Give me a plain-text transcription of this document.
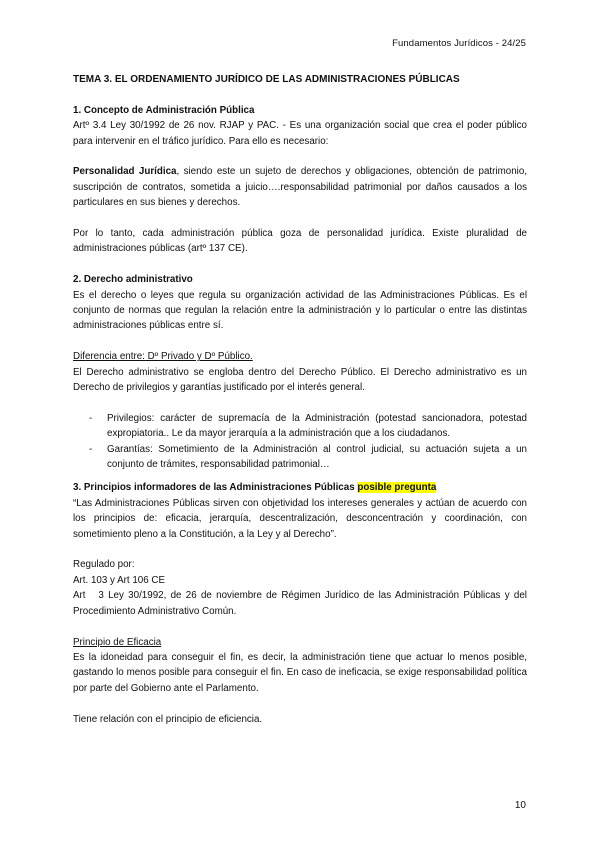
Fundamentos Jurídicos - 24/25

TEMA 3. EL ORDENAMIENTO JURÍDICO DE LAS ADMINISTRACIONES PÚBLICAS

1. Concepto de Administración Pública

Artº 3.4 Ley 30/1992 de 26 nov. RJAP y PAC. - Es una organización social que crea el poder público para intervenir en el tráfico jurídico. Para ello es necesario:

Personalidad Jurídica, siendo este un sujeto de derechos y obligaciones, obtención de patrimonio, suscripción de contratos, sometida a juicio….responsabilidad patrimonial por daños causados a los particulares en sus bienes y derechos.

Por lo tanto, cada administración pública goza de personalidad jurídica. Existe pluralidad de administraciones públicas (artº 137 CE).

2. Derecho administrativo

Es el derecho o leyes que regula su organización actividad de las Administraciones Públicas. Es el conjunto de normas que regulan la relación entre la administración y lo particular o entre las distintas administraciones públicas entre sí.

Diferencia entre: Dº Privado y Dº Público.

El Derecho administrativo se engloba dentro del Derecho Público. El Derecho administrativo es un Derecho de privilegios y garantías justificado por el interés general.

- Privilegios: carácter de supremacía de la Administración (potestad sancionadora, potestad expropiatoria.. Le da mayor jerarquía a la administración que a los ciudadanos.
- Garantías: Sometimiento de la Administración al control judicial, su actuación sujeta a un conjunto de trámites, responsabilidad patrimonial…

3. Principios informadores de las Administraciones Públicas posible pregunta

“Las Administraciones Públicas sirven con objetividad los intereses generales y actúan de acuerdo con los principios de: eficacia, jerarquía, descentralización, desconcentración y coordinación, con sometimiento pleno a la Constitución, a la Ley y al Derecho”.

Regulado por:

Art. 103 y Art 106 CE

Art   3 Ley 30/1992, de 26 de noviembre de Régimen Jurídico de las Administración Públicas y del Procedimiento Administrativo Común.

Principio de Eficacia

Es la idoneidad para conseguir el fin, es decir, la administración tiene que actuar lo menos posible, gastando lo menos posible para conseguir el fin. En caso de ineficacia, se exige responsabilidad política por parte del Gobierno ante el Parlamento.

Tiene relación con el principio de eficiencia.

10
